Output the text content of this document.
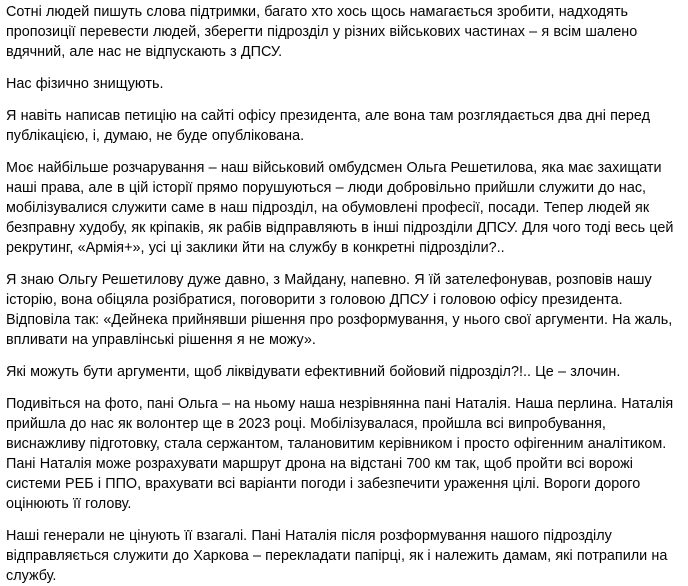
Сотні людей пишуть слова підтримки, багато хто хось щось намагається зробити, надходять пропозиції перевести людей, зберегти підрозділ у різних військових частинах – я всім шалено вдячний, але нас не відпускають з ДПСУ.

Нас фізично знищують.

Я навіть написав петицію на сайті офісу президента, але вона там розглядається два дні перед публікацією, і, думаю, не буде опублікована.

Моє найбільше розчарування – наш військовий омбудсмен Ольга Решетилова, яка має захищати наші права, але в цій історії прямо порушуються – люди добровільно прийшли служити до нас, мобілізувалися служити саме в наш підрозділ, на обумовлені професії, посади. Тепер людей як безправну худобу, як кріпаків, як рабів відправляють в інші підрозділи ДПСУ. Для чого тоді весь цей рекрутинг, «Армія+», усі ці заклики йти на службу в конкретні підрозділи?..

Я знаю Ольгу Решетилову дуже давно, з Майдану, напевно. Я їй зателефонував, розповів нашу історію, вона обіцяла розібратися, поговорити з головою ДПСУ і головою офісу президента. Відповіла так: «Дейнека прийнявши рішення про розформування, у нього свої аргументи. На жаль, впливати на управлінські рішення я не можу».

Які можуть бути аргументи, щоб ліквідувати ефективний бойовий підрозділ?!.. Це – злочин.

Подивіться на фото, пані Ольга – на ньому наша незрівнянна пані Наталія. Наша перлина. Наталія прийшла до нас як волонтер ще в 2023 році. Мобілізувалася, пройшла всі випробування, виснажливу підготовку, стала сержантом, талановитим керівником і просто офігенним аналітиком. Пані Наталія може розрахувати маршрут дрона на відстані 700 км так, щоб пройти всі ворожі системи РЕБ і ППО, врахувати всі варіанти погоди і забезпечити ураження цілі. Вороги дорого оцінюють її голову.

Наші генерали не цінують її взагалі. Пані Наталія після розформування нашого підрозділу відправляється служити до Харкова – перекладати папірці, як і належить дамам, які потрапили на службу.
